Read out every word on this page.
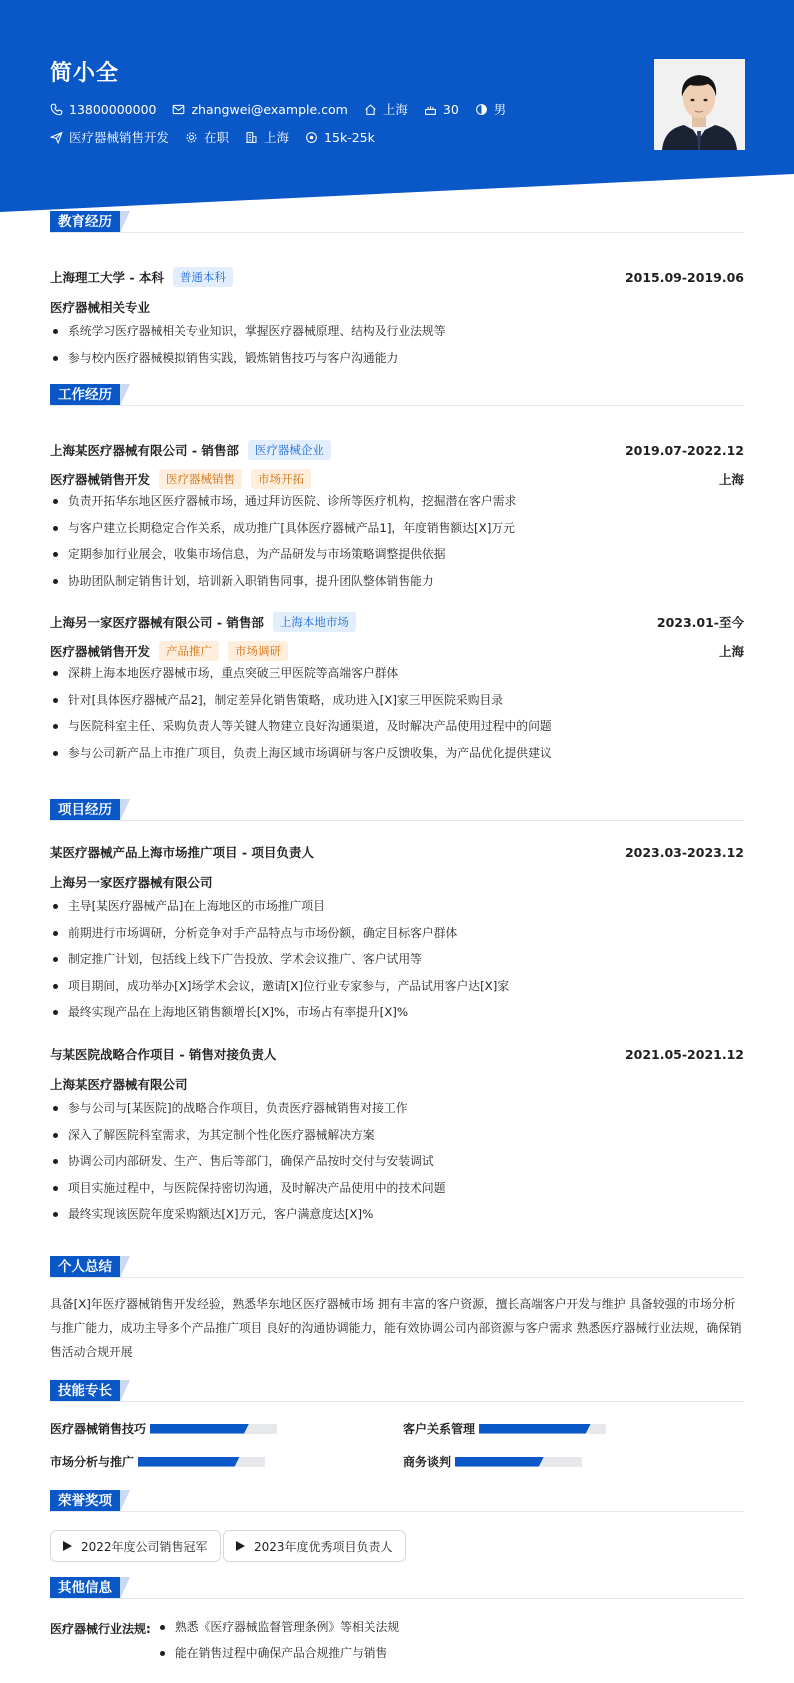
简小全
13800000000	zhangwei@example.com	上海	30	男
医疗器械销售开发	在职	上海	15k-25k
教育经历
上海理工大学 - 本科	普通本科	2015.09-2019.06
医疗器械相关专业
系统学习医疗器械相关专业知识，掌握医疗器械原理、结构及行业法规等
参与校内医疗器械模拟销售实践，锻炼销售技巧与客户沟通能力
工作经历
上海某医疗器械有限公司 - 销售部	医疗器械企业	2019.07-2022.12
医疗器械销售开发	医疗器械销售	市场开拓	上海
负责开拓华东地区医疗器械市场，通过拜访医院、诊所等医疗机构，挖掘潜在客户需求
与客户建立长期稳定合作关系，成功推广[具体医疗器械产品1]，年度销售额达[X]万元
定期参加行业展会，收集市场信息，为产品研发与市场策略调整提供依据
协助团队制定销售计划，培训新入职销售同事，提升团队整体销售能力
上海另一家医疗器械有限公司 - 销售部	上海本地市场	2023.01-至今
医疗器械销售开发	产品推广	市场调研	上海
深耕上海本地医疗器械市场，重点突破三甲医院等高端客户群体
针对[具体医疗器械产品2]，制定差异化销售策略，成功进入[X]家三甲医院采购目录
与医院科室主任、采购负责人等关键人物建立良好沟通渠道，及时解决产品使用过程中的问题
参与公司新产品上市推广项目，负责上海区域市场调研与客户反馈收集，为产品优化提供建议
项目经历
某医疗器械产品上海市场推广项目 - 项目负责人	2023.03-2023.12
上海另一家医疗器械有限公司
主导[某医疗器械产品]在上海地区的市场推广项目
前期进行市场调研，分析竞争对手产品特点与市场份额，确定目标客户群体
制定推广计划，包括线上线下广告投放、学术会议推广、客户试用等
项目期间，成功举办[X]场学术会议，邀请[X]位行业专家参与，产品试用客户达[X]家
最终实现产品在上海地区销售额增长[X]%，市场占有率提升[X]%
与某医院战略合作项目 - 销售对接负责人	2021.05-2021.12
上海某医疗器械有限公司
参与公司与[某医院]的战略合作项目，负责医疗器械销售对接工作
深入了解医院科室需求，为其定制个性化医疗器械解决方案
协调公司内部研发、生产、售后等部门，确保产品按时交付与安装调试
项目实施过程中，与医院保持密切沟通，及时解决产品使用中的技术问题
最终实现该医院年度采购额达[X]万元，客户满意度达[X]%
个人总结
具备[X]年医疗器械销售开发经验，熟悉华东地区医疗器械市场 拥有丰富的客户资源，擅长高端客户开发与维护 具备较强的市场分析与推广能力，成功主导多个产品推广项目 良好的沟通协调能力，能有效协调公司内部资源与客户需求 熟悉医疗器械行业法规，确保销售活动合规开展
技能专长
医疗器械销售技巧	客户关系管理
市场分析与推广	商务谈判
荣誉奖项
2022年度公司销售冠军	2023年度优秀项目负责人
其他信息
医疗器械行业法规:	熟悉《医疗器械监督管理条例》等相关法规
能在销售过程中确保产品合规推广与销售
